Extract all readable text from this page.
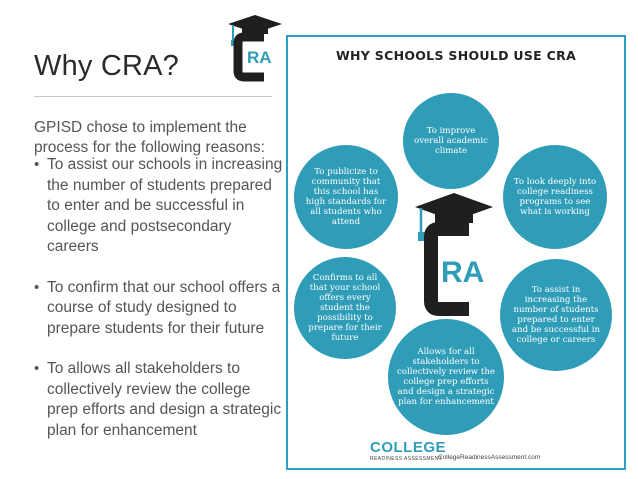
Why CRA?
GPISD chose to implement the process for the following reasons:
• To assist our schools in increasing the number of students prepared to enter and be successful in college and postsecondary careers
• To confirm that our school offers a course of study designed to prepare students for their future
• To allows all stakeholders to collectively review the college prep efforts and design a strategic plan for enhancement
RA	WHY SCHOOLS SHOULD USE CRA
To improve overall academic climate
To publicize to community that this school has high standards for all students who attend
To look deeply into college readiness programs to see what is working
Confirms to all that your school offers every student the possibility to prepare for their future
To assist in increasing the number of students prepared to enter and be successful in college or careers
Allows for all stakeholders to collectively review the college prep efforts and design a strategic plan for enhancement
RA
COLLEGE
READINESS ASSESSMENT
CollegeReadinessAssessment.com
